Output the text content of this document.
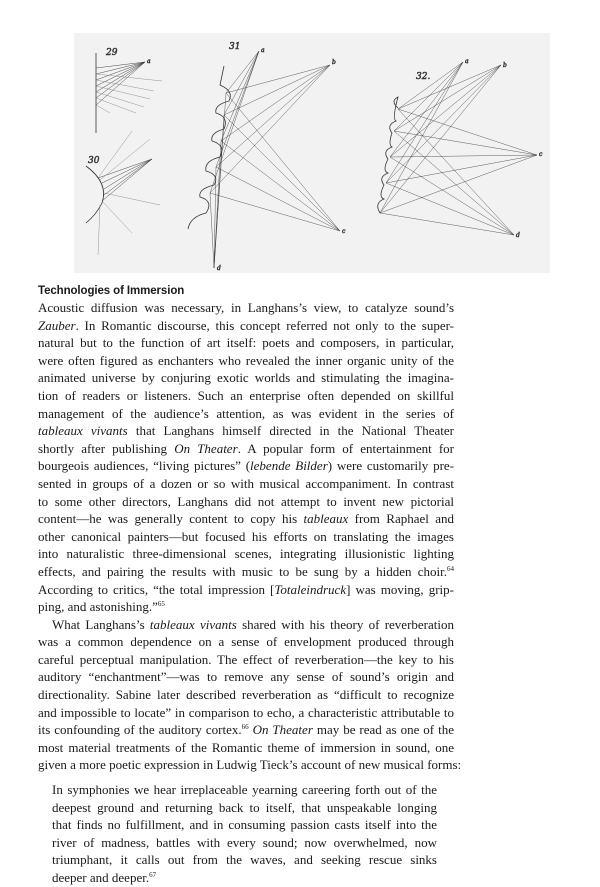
29
a
30
31	a
b
c
d
32.
a
b
c
d
Technologies of Immersion
Acoustic diffusion was necessary, in Langhans’s view, to catalyze sound’s
Zauber. In Romantic discourse, this concept referred not only to the super-
natural but to the function of art itself: poets and composers, in particular,
were often figured as enchanters who revealed the inner organic unity of the
animated universe by conjuring exotic worlds and stimulating the imagina-
tion of readers or listeners. Such an enterprise often depended on skillful
management of the audience’s attention, as was evident in the series of
tableaux vivants that Langhans himself directed in the National Theater
shortly after publishing On Theater. A popular form of entertainment for
bourgeois audiences, “living pictures” (lebende Bilder) were customarily pre-
sented in groups of a dozen or so with musical accompaniment. In contrast
to some other directors, Langhans did not attempt to invent new pictorial
content—he was generally content to copy his tableaux from Raphael and
other canonical painters—but focused his efforts on translating the images
into naturalistic three-dimensional scenes, integrating illusionistic lighting
effects, and pairing the results with music to be sung by a hidden choir.$^{64}$
According to critics, “the total impression [Totaleindruck] was moving, grip-
ping, and astonishing.”$^{65}$
What Langhans’s tableaux vivants shared with his theory of reverberation
was a common dependence on a sense of envelopment produced through
careful perceptual manipulation. The effect of reverberation—the key to his
auditory “enchantment”—was to remove any sense of sound’s origin and
directionality. Sabine later described reverberation as “difficult to recognize
and impossible to locate” in comparison to echo, a characteristic attributable to
its confounding of the auditory cortex.$^{66}$ On Theater may be read as one of the
most material treatments of the Romantic theme of immersion in sound, one
given a more poetic expression in Ludwig Tieck’s account of new musical forms:
In symphonies we hear irreplaceable yearning careering forth out of the
deepest ground and returning back to itself, that unspeakable longing
that finds no fulfillment, and in consuming passion casts itself into the
river of madness, battles with every sound; now overwhelmed, now
triumphant, it calls out from the waves, and seeking rescue sinks
deeper and deeper.$^{67}$
